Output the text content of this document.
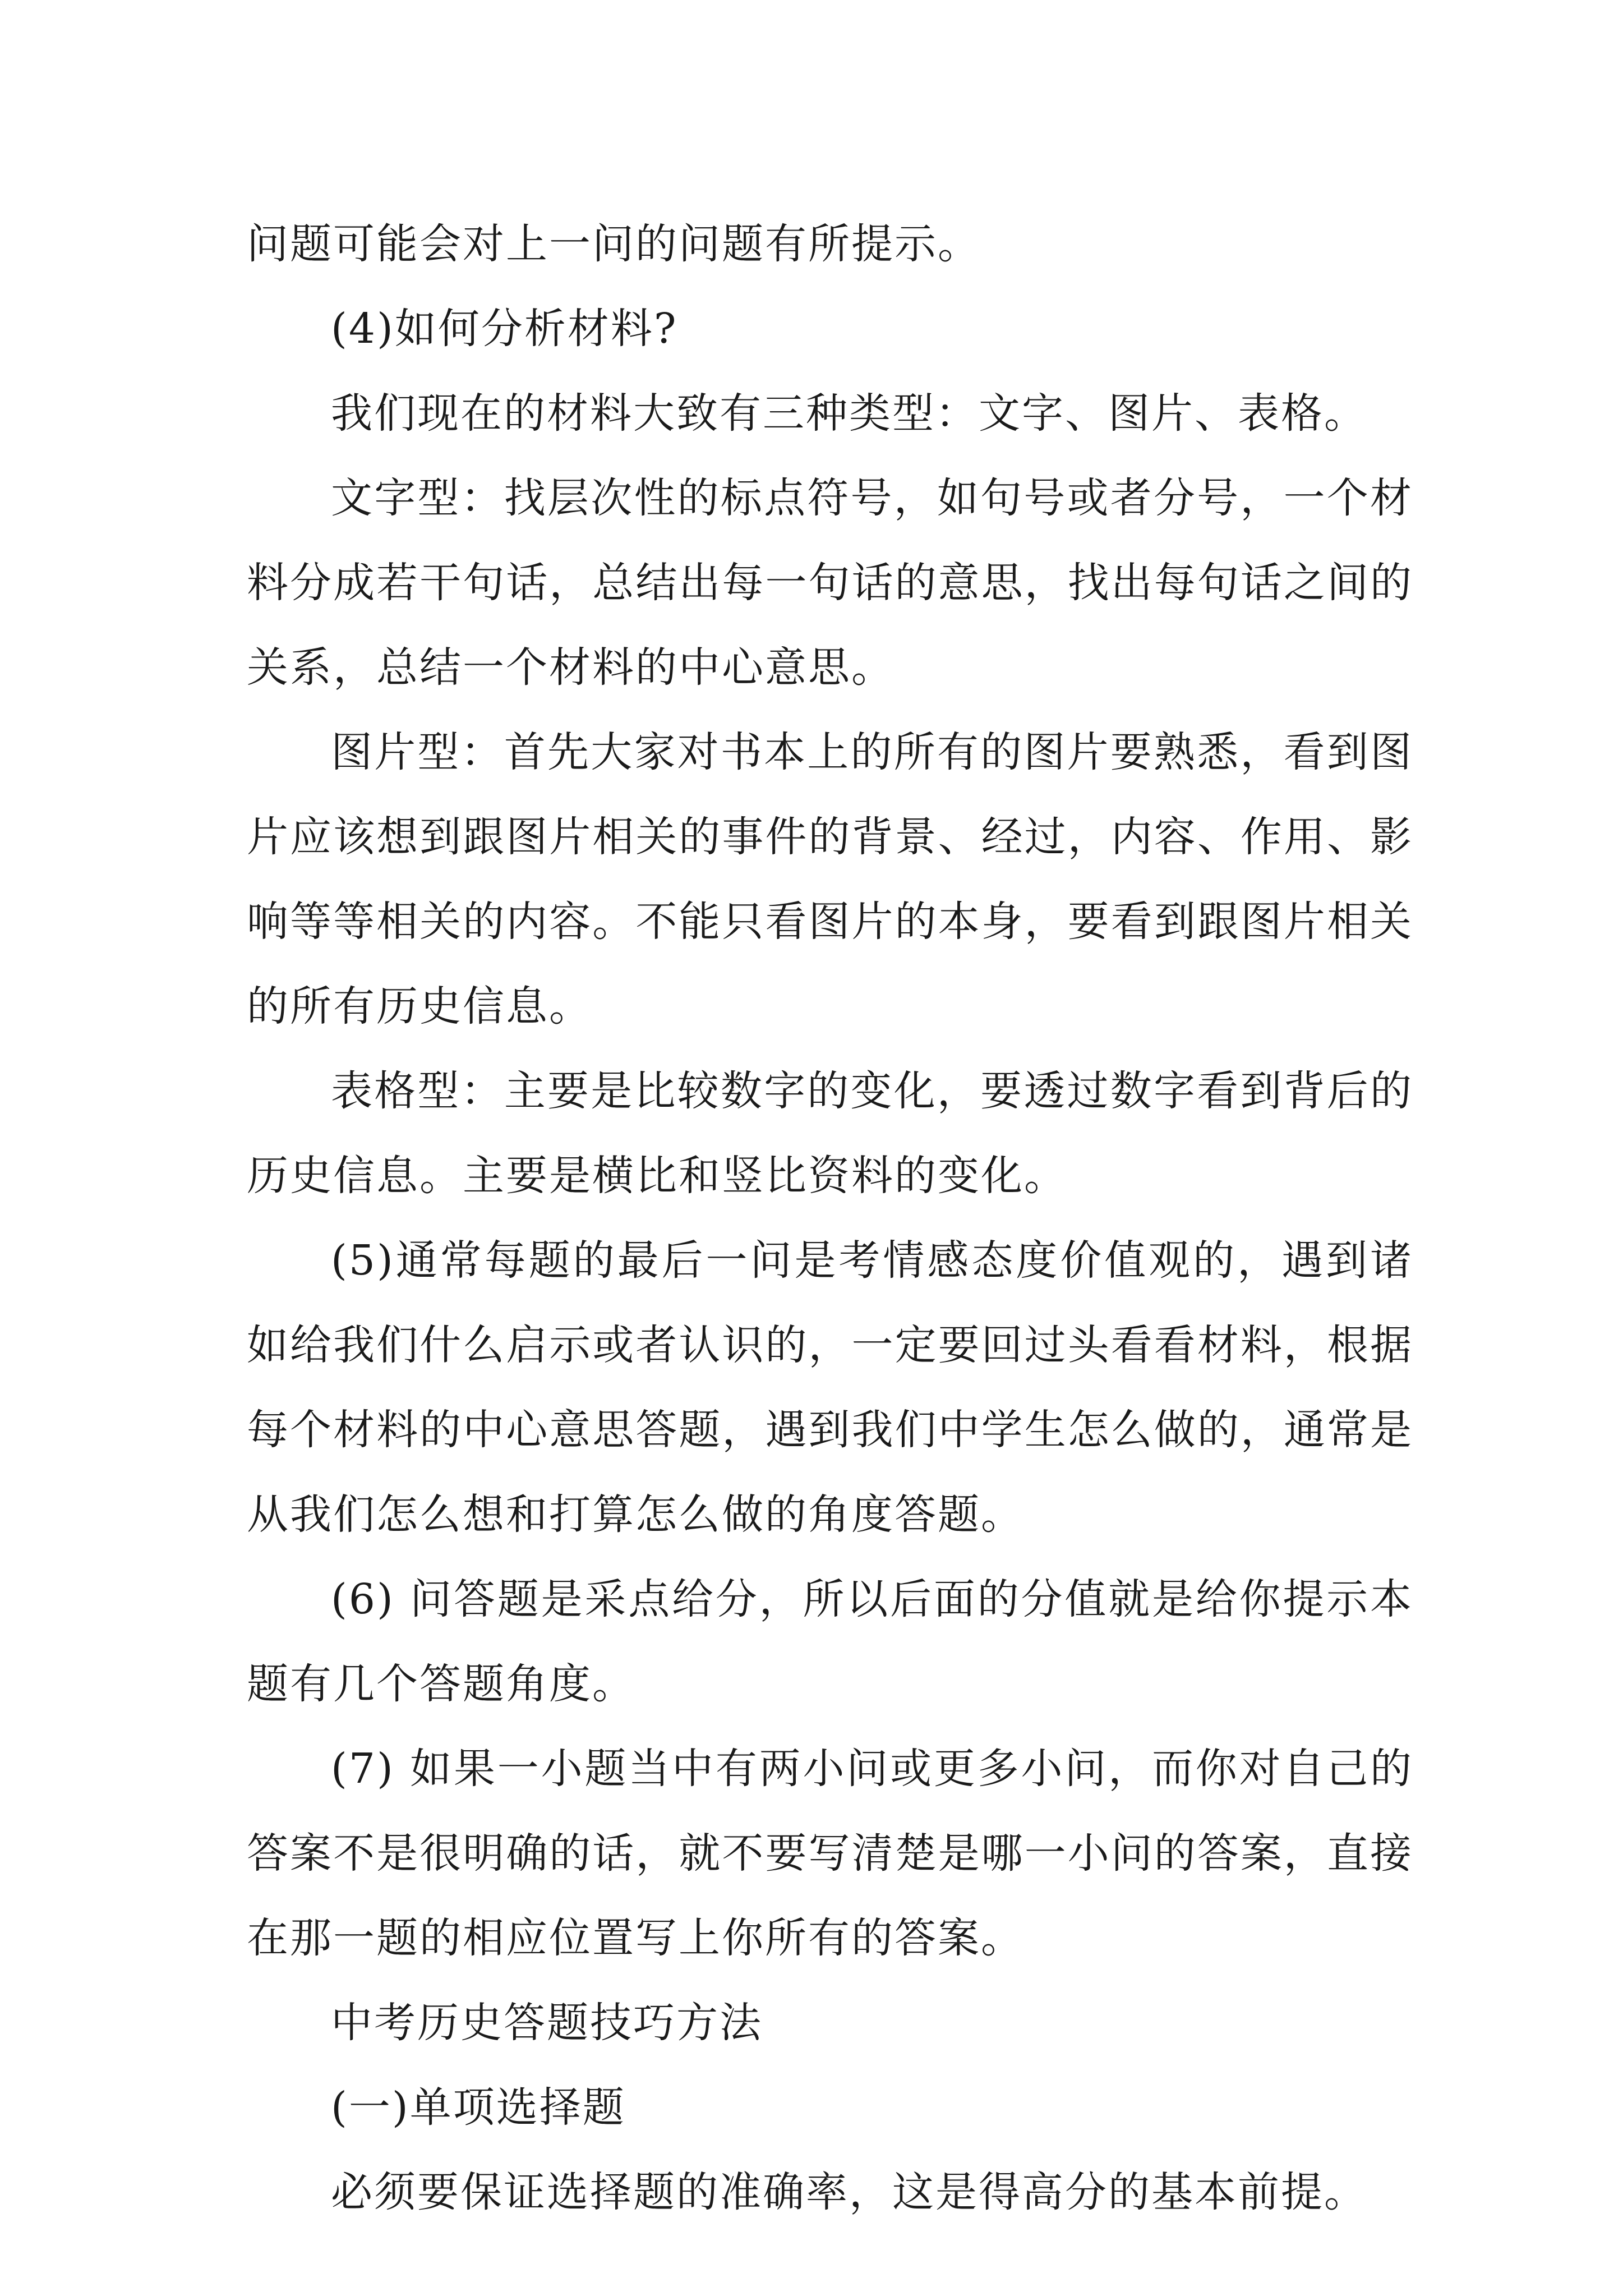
问题可能会对上一问的问题有所提示。

(4)如何分析材料?

我们现在的材料大致有三种类型：文字、图片、表格。

文字型：找层次性的标点符号，如句号或者分号，一个材料分成若干句话，总结出每一句话的意思，找出每句话之间的关系，总结一个材料的中心意思。

图片型：首先大家对书本上的所有的图片要熟悉，看到图片应该想到跟图片相关的事件的背景、经过，内容、作用、影响等等相关的内容。不能只看图片的本身，要看到跟图片相关的所有历史信息。

表格型：主要是比较数字的变化，要透过数字看到背后的历史信息。主要是横比和竖比资料的变化。

(5)通常每题的最后一问是考情感态度价值观的，遇到诸如给我们什么启示或者认识的，一定要回过头看看材料，根据每个材料的中心意思答题，遇到我们中学生怎么做的，通常是从我们怎么想和打算怎么做的角度答题。

(6) 问答题是采点给分，所以后面的分值就是给你提示本题有几个答题角度。

(7) 如果一小题当中有两小问或更多小问，而你对自己的答案不是很明确的话，就不要写清楚是哪一小问的答案，直接在那一题的相应位置写上你所有的答案。

中考历史答题技巧方法

(一)单项选择题

必须要保证选择题的准确率，这是得高分的基本前提。
